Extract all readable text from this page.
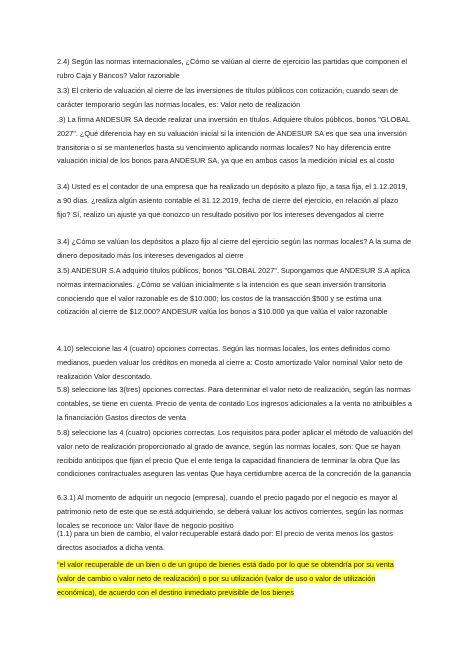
2.4) Según las normas internacionales, ¿Cómo se valúan al cierre de ejercicio las partidas que componen el rubro Caja y Bancos? Valor razonable

3.3) El criterio de valuación al cierre de las inversiones de títulos públicos con cotización, cuando sean de carácter temporario según las normas locales, es: Valor neto de realización

.3) La firma ANDESUR SA decide realizar una inversión en títulos. Adquiere títulos públicos, bonos "GLOBAL 2027". ¿Qué diferencia hay en su valuación inicial si la intención de ANDESUR SA es que sea una inversión transitoria o si se mantenerlos hasta su vencimiento aplicando normas locales? No hay diferencia entre valuación inicial de los bonos para ANDESUR SA, ya que en ambos casos la medición inicial es al costo

3.4) Usted es el contador de una empresa que ha realizado un depósito a plazo fijo, a tasa fija, el 1.12.2019, a 90 días. ¿realiza algún asiento contable el 31.12.2019, fecha de cierre del ejercicio, en relación al plazo fijo? Sí, realizo un ajuste ya que conozco un resultado positivo por los intereses devengados al cierre

3.4) ¿Cómo se valúan los depósitos a plazo fijo al cierre del ejercicio según las normas locales? A la suma de dinero depositado más los intereses devengados al cierre

3.5) ANDESUR S.A adquirió títulos públicos, bonos "GLOBAL 2027". Supongamos que ANDESUR S.A aplica normas internacionales. ¿Cómo se valúan inicialmente s la intención es que sean inversión transitoria conociendo que el valor razonable es de $10.000; los costos de la transacción $500 y se estima una cotización al cierre de $12.000? ANDESUR valúa los bonos a $10.000 ya que valúa el valor razonable

4.10) seleccione las 4 (cuatro) opciones correctas. Según las normas locales, los entes definidos como medianos, pueden valuar los créditos en moneda al cierre a: Costo amortizado Valor nominal Valor neto de realización Valor descontado.

5.8) seleccione las 3(tres) opciones correctas. Para determinar el valor neto de realización, según las normas contables, se tiene en cuenta. Precio de venta de contado Los ingresos adicionales a la venta no atribuibles a la financiación Gastos directos de venta

5.8) seleccione las 4 (cuatro) opciones correctas. Los requisitos para poder aplicar el método de valuación del valor neto de realización proporcionado al grado de avance, según las normas locales, son: Que se hayan recibido anticipos que fijan el precio Que el ente tenga la capacidad financiera de terminar la obra Que las condiciones contractuales aseguren las ventas Que haya certidumbre acerca de la concreción de la ganancia

6.3.1) Al momento de adquirir un negocio (empresa), cuando el precio pagado por el negocio es mayor al patrimonio neto de este que se está adquiriendo, se deberá valuar los activos corrientes, según las normas locales se reconoce un: Valor llave de negocio positivo

(1.1) para un bien de cambio, el valor recuperable estará dado por: El precio de venta menos los gastos directos asociados a dicha venta.

"el valor recuperable de un bien o de un grupo de bienes está dado por lo que se obtendría por su venta (valor de cambio o valor neto de realización) o por su utilización (valor de uso o valor de utilización económica), de acuerdo con el destino inmediato previsible de los bienes
